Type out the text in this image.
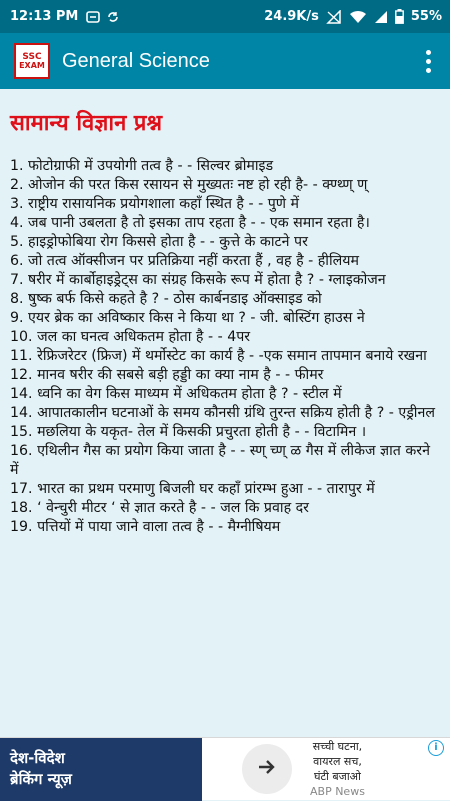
12:13 PM	24.9K/s	55%
SSC
EXAM General Science
सामान्य विज्ञान प्रश्न
1. फोटोग्राफी में उपयोगी तत्व है - - सिल्वर ब्रोमाइड
2. ओजोन की परत किस रसायन से मुख्यतः नष्ट हो रही है- - क्ण्थ्ण् ण्
3. राष्ट्रीय रासायनिक प्रयोगशाला कहाँ स्थित है - - पुणे में
4. जब पानी उबलता है तो इसका ताप रहता है - - एक समान रहता है।
5. हाइड्रोफोबिया रोग किससे होता है - - कुत्ते के काटने पर
6. जो तत्व ऑक्सीजन पर प्रतिक्रिया नहीं करता हैं , वह है - हीलियम
7. षरीर में कार्बोहाइड्रेट्स का संग्रह किसके रूप में होता है ? - ग्लाइकोजन
8. षुष्क बर्फ किसे कहते है ? - ठोस कार्बनडाइ ऑक्साइड को
9. एयर ब्रेक का अविष्कार किस ने किया था ? - जी. बोस्टिंग हाउस ने
10. जल का घनत्व अधिकतम होता है - - 4पर
11. रेफ्रिजरेटर (फ्रिज) में थर्मोस्टेट का कार्य है - -एक समान तापमान बनाये रखना
12. मानव षरीर की सबसे बड़ी हड्डी का क्या नाम है - - फीमर
14. ध्वनि का वेग किस माध्यम में अधिकतम होता है ? - स्टील में
14. आपातकालीन घटनाओं के समय कौनसी ग्रंथि तुरन्त सक्रिय होती है ? - एड्रीनल
15. मछलिया के यकृत- तेल में किसकी प्रचुरता होती है - - विटामिन ।
16. एथिलीन गैस का प्रयोग किया जाता है - - स्ण् च्ण् ळ गैस में लीकेज ज्ञात करने में
17. भारत का प्रथम परमाणु बिजली घर कहाँ प्रांरम्भ हुआ - - तारापुर में
18. ‘ वेन्चुरी मीटर ‘ से ज्ञात करते है - - जल कि प्रवाह दर
19. पत्तियों में पाया जाने वाला तत्व है - - मैग्नीषियम
देश-विदेश
ब्रेकिंग न्यूज़
सच्ची घटना,
वायरल सच,
घंटी बजाओ
ABP News
i
